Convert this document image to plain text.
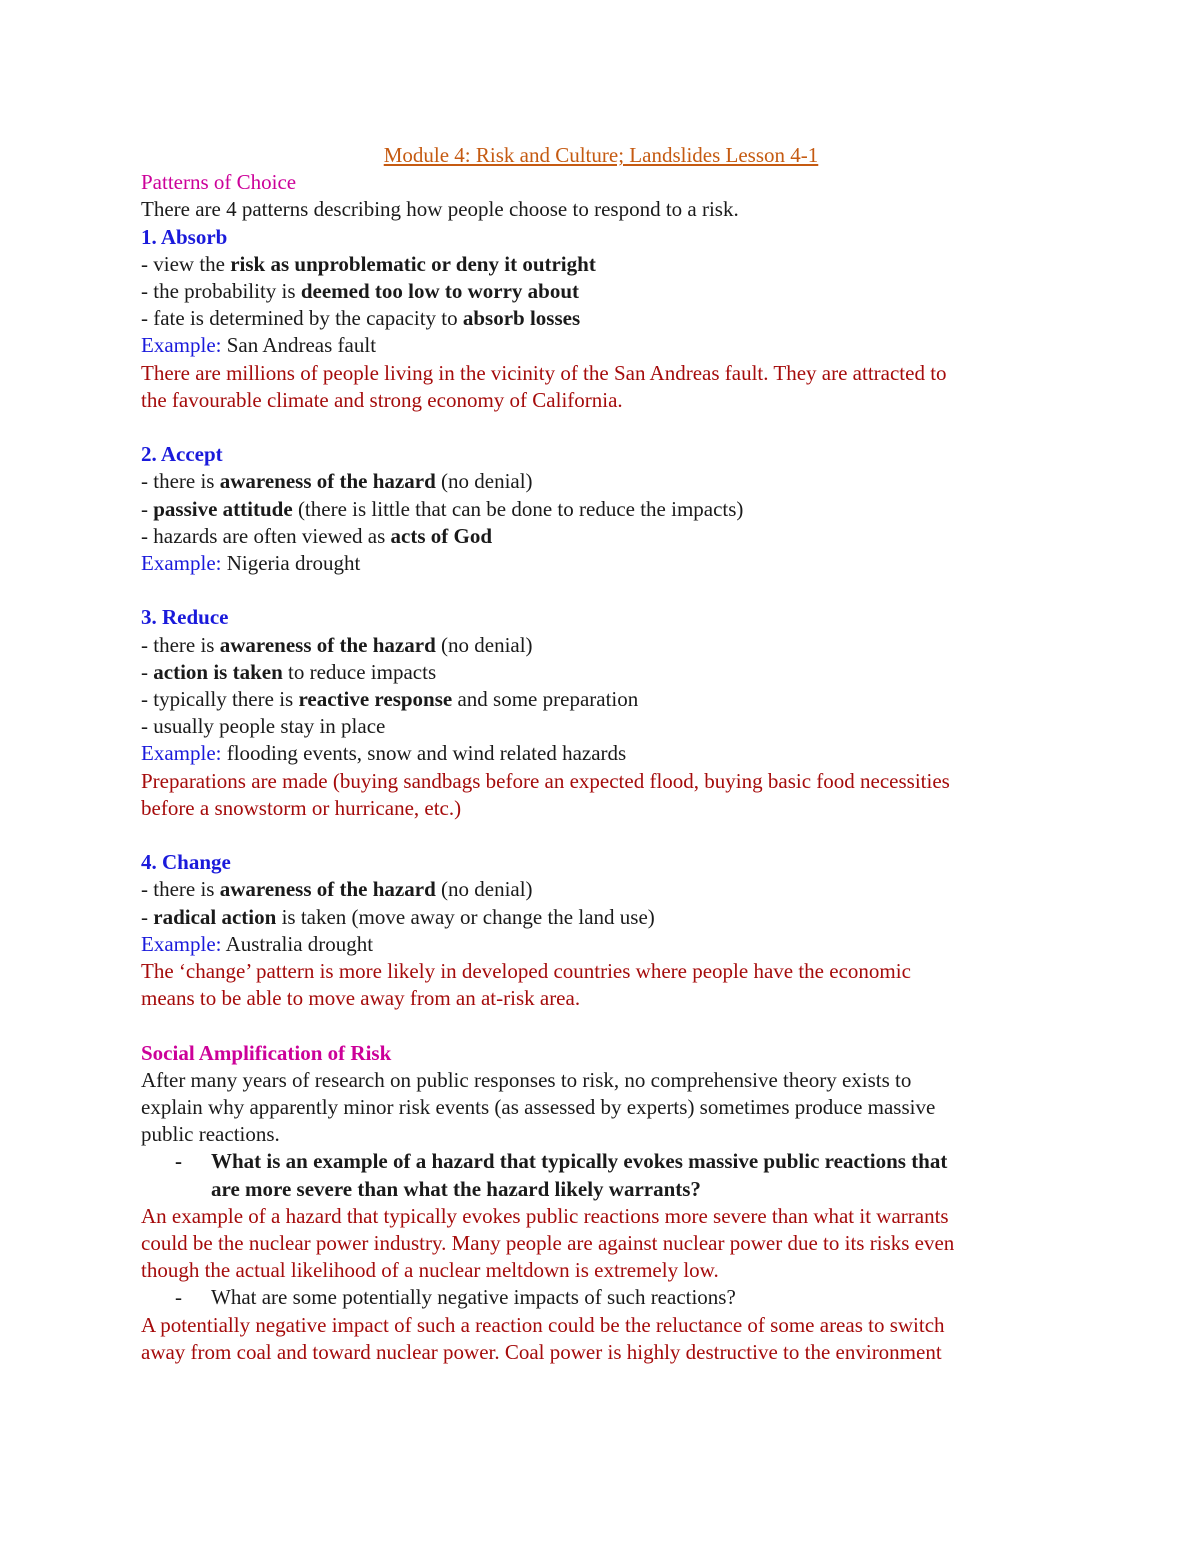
Module 4: Risk and Culture; Landslides Lesson 4-1
Patterns of Choice
There are 4 patterns describing how people choose to respond to a risk.
1. Absorb
- view the risk as unproblematic or deny it outright
- the probability is deemed too low to worry about
- fate is determined by the capacity to absorb losses
Example: San Andreas fault
There are millions of people living in the vicinity of the San Andreas fault. They are attracted to
the favourable climate and strong economy of California.
2. Accept
- there is awareness of the hazard (no denial)
- passive attitude (there is little that can be done to reduce the impacts)
- hazards are often viewed as acts of God
Example: Nigeria drought
3. Reduce
- there is awareness of the hazard (no denial)
- action is taken to reduce impacts
- typically there is reactive response and some preparation
- usually people stay in place
Example: flooding events, snow and wind related hazards
Preparations are made (buying sandbags before an expected flood, buying basic food necessities
before a snowstorm or hurricane, etc.)
4. Change
- there is awareness of the hazard (no denial)
- radical action is taken (move away or change the land use)
Example: Australia drought
The ‘change’ pattern is more likely in developed countries where people have the economic
means to be able to move away from an at-risk area.
Social Amplification of Risk
After many years of research on public responses to risk, no comprehensive theory exists to
explain why apparently minor risk events (as assessed by experts) sometimes produce massive
public reactions.
- What is an example of a hazard that typically evokes massive public reactions that
are more severe than what the hazard likely warrants?
An example of a hazard that typically evokes public reactions more severe than what it warrants
could be the nuclear power industry. Many people are against nuclear power due to its risks even
though the actual likelihood of a nuclear meltdown is extremely low.
- What are some potentially negative impacts of such reactions?
A potentially negative impact of such a reaction could be the reluctance of some areas to switch
away from coal and toward nuclear power. Coal power is highly destructive to the environment
